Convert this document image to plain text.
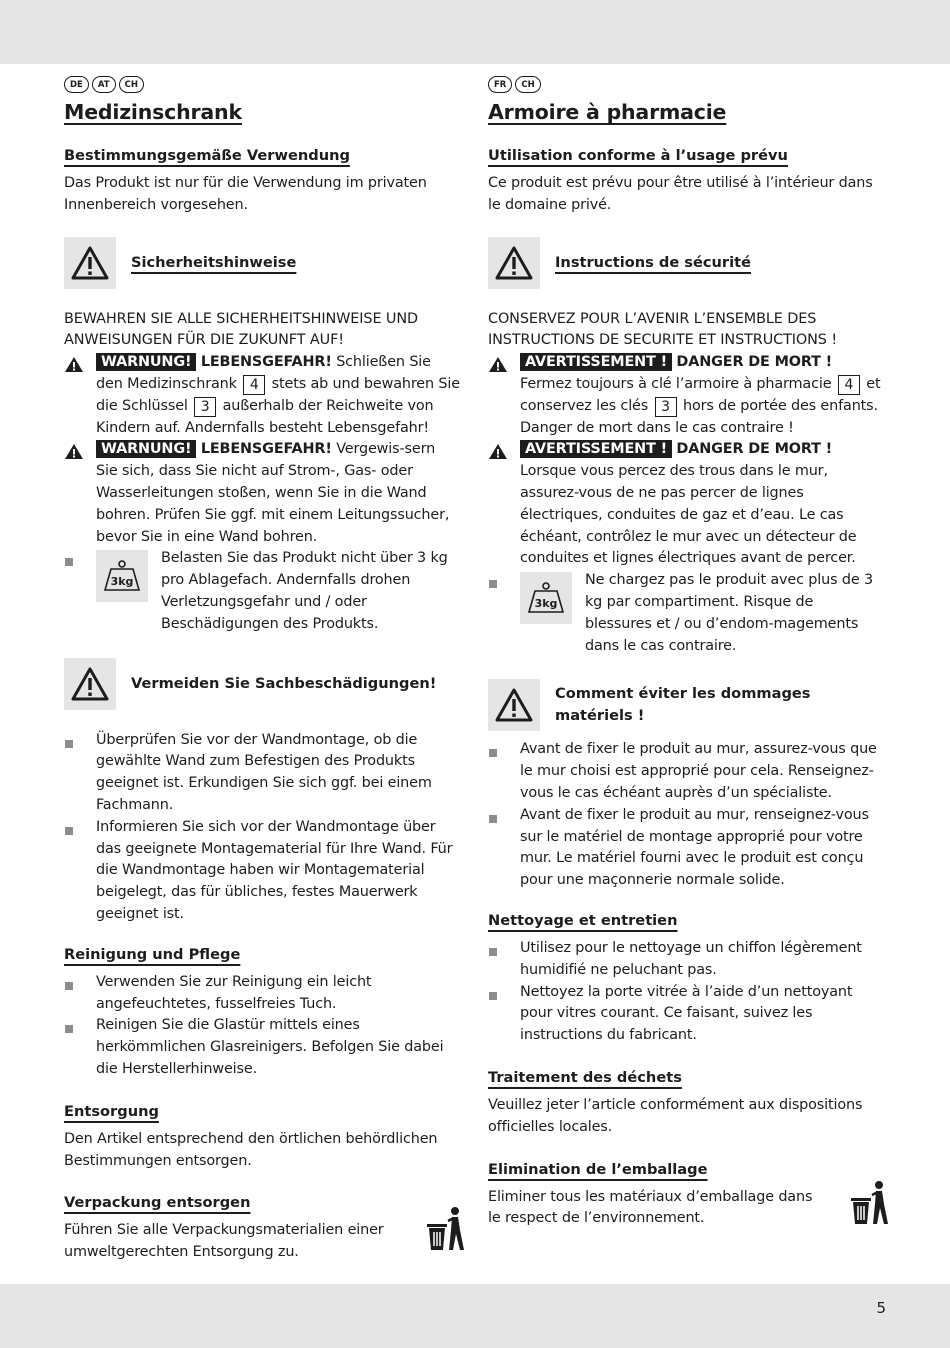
DE	AT	CH
Medizinschrank
Bestimmungsgemäße Verwendung

Das Produkt ist nur für die Verwendung im privaten Innenbereich vorgesehen.

Sicherheitshinweise
BEWAHREN SIE ALLE SICHERHEITSHINWEISE UND ANWEISUNGEN FÜR DIE ZUKUNFT AUF!
WARNUNG! LEBENSGEFAHR! Schließen Sie den Medizinschrank 4 stets ab und bewahren Sie die Schlüssel 3 außerhalb der Reichweite von Kindern auf. Andernfalls besteht Lebensgefahr!
WARNUNG! LEBENSGEFAHR! Vergewis-sern Sie sich, dass Sie nicht auf Strom-, Gas- oder Wasserleitungen stoßen, wenn Sie in die Wand bohren. Prüfen Sie ggf. mit einem Leitungssucher, bevor Sie in eine Wand bohren.
3kg
Belasten Sie das Produkt nicht über 3 kg pro Ablagefach. Andernfalls drohen Verletzungsgefahr und / oder Beschädigungen des Produkts.
Vermeiden Sie Sachbeschädigungen!
Überprüfen Sie vor der Wandmontage, ob die gewählte Wand zum Befestigen des Produkts geeignet ist. Erkundigen Sie sich ggf. bei einem Fachmann.
Informieren Sie sich vor der Wandmontage über das geeignete Montagematerial für Ihre Wand. Für die Wandmontage haben wir Montagematerial beigelegt, das für übliches, festes Mauerwerk geeignet ist.
Reinigung und Pflege
Verwenden Sie zur Reinigung ein leicht angefeuchtetes, fusselfreies Tuch.
Reinigen Sie die Glastür mittels eines herkömmlichen Glasreinigers. Befolgen Sie dabei die Herstellerhinweise.
Entsorgung

Den Artikel entsprechend den örtlichen behördlichen Bestimmungen entsorgen.

Verpackung entsorgen

Führen Sie alle Verpackungsmaterialien einer umweltgerechten Entsorgung zu.

FR	CH
Armoire à pharmacie
Utilisation conforme à l’usage prévu

Ce produit est prévu pour être utilisé à l’intérieur dans le domaine privé.

Instructions de sécurité
CONSERVEZ POUR L’AVENIR L’ENSEMBLE DES INSTRUCTIONS DE SECURITE ET INSTRUCTIONS !
AVERTISSEMENT ! DANGER DE MORT ! Fermez toujours à clé l’armoire à pharmacie 4 et conservez les clés 3 hors de portée des enfants. Danger de mort dans le cas contraire !
AVERTISSEMENT ! DANGER DE MORT ! Lorsque vous percez des trous dans le mur, assurez-vous de ne pas percer de lignes électriques, conduites de gaz et d’eau. Le cas échéant, contrôlez le mur avec un détecteur de conduites et lignes électriques avant de percer.
3kg
Ne chargez pas le produit avec plus de 3 kg par compartiment. Risque de blessures et / ou d’endom-magements dans le cas contraire.
Comment éviter les dommages matériels !
Avant de fixer le produit au mur, assurez-vous que le mur choisi est approprié pour cela. Renseignez-vous le cas échéant auprès d’un spécialiste.
Avant de fixer le produit au mur, renseignez-vous sur le matériel de montage approprié pour votre mur. Le matériel fourni avec le produit est conçu pour une maçonnerie normale solide.
Nettoyage et entretien
Utilisez pour le nettoyage un chiffon légèrement humidifié ne peluchant pas.
Nettoyez la porte vitrée à l’aide d’un nettoyant pour vitres courant. Ce faisant, suivez les instructions du fabricant.
Traitement des déchets

Veuillez jeter l’article conformément aux dispositions officielles locales.

Elimination de l’emballage

Eliminer tous les matériaux d’emballage dans le respect de l’environnement.

5
